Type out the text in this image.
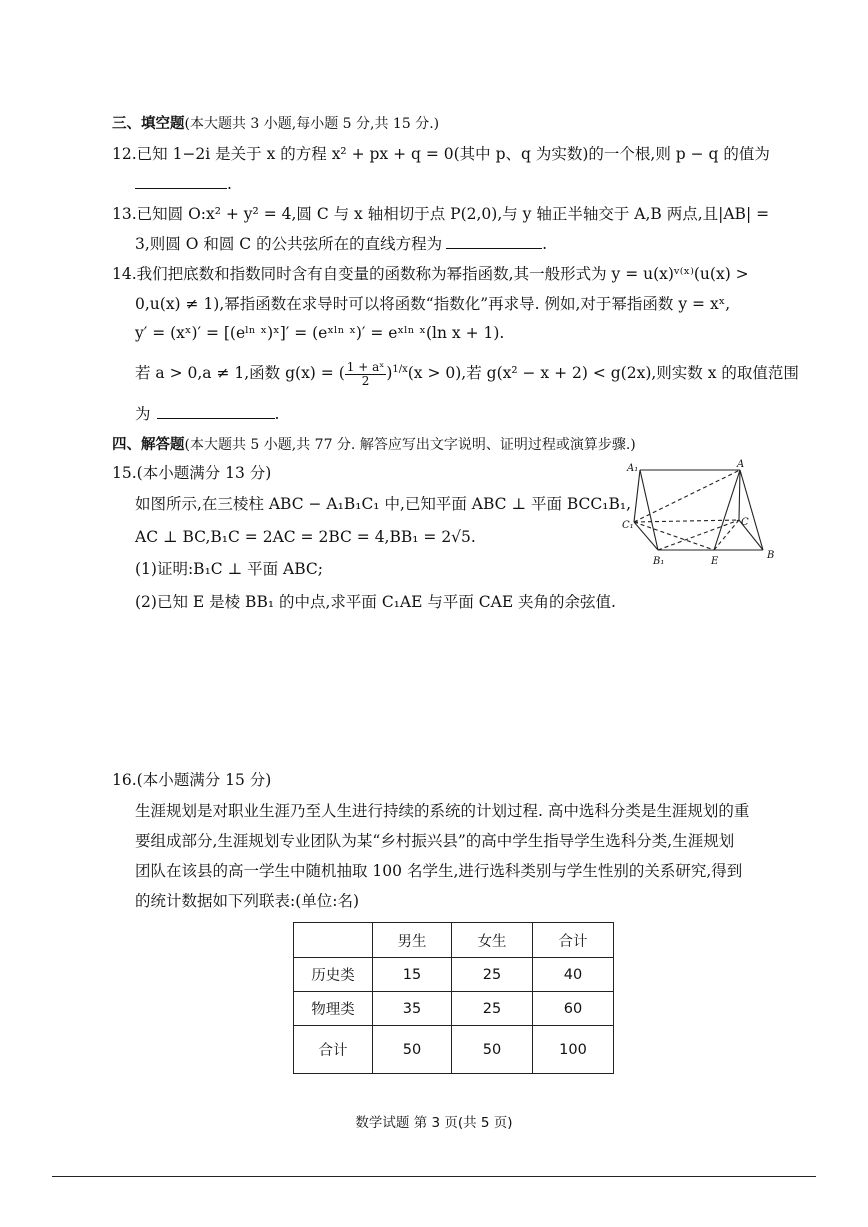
三、填空题(本大题共 3 小题,每小题 5 分,共 15 分.)
12.已知 1−2i 是关于 x 的方程 x² + px + q = 0(其中 p、q 为实数)的一个根,则 p − q 的值为
.
13.已知圆 O:x² + y² = 4,圆 C 与 x 轴相切于点 P(2,0),与 y 轴正半轴交于 A,B 两点,且|AB| =
3,则圆 O 和圆 C 的公共弦所在的直线方程为	.
14.我们把底数和指数同时含有自变量的函数称为幂指函数,其一般形式为 y = u(x)ᵛ⁽ˣ⁾(u(x) >
0,u(x) ≠ 1),幂指函数在求导时可以将函数“指数化”再求导. 例如,对于幂指函数 y = xˣ,
y′ = (xˣ)′ = [(eˡⁿ ˣ)ˣ]′ = (eˣˡⁿ ˣ)′ = eˣˡⁿ ˣ(ln x + 1).
若 a > 0,a ≠ 1,函数 g(x) = ( $\frac{\text{1 + aˣ}}{2} )^{1/x}(x > 0)$,若 g(x² − x + 2) < g(2x),则实数 x 的取值范围
为	.
四、解答题(本大题共 5 小题,共 77 分. 解答应写出文字说明、证明过程或演算步骤.)
15.(本小题满分 13 分)
如图所示,在三棱柱 ABC − A₁B₁C₁ 中,已知平面 ABC ⊥ 平面 BCC₁B₁,
AC ⊥ BC,B₁C = 2AC = 2BC = 4,BB₁ = 2√5.
(1)证明:B₁C ⊥ 平面 ABC;
(2)已知 E 是棱 BB₁ 的中点,求平面 C₁AE 与平面 CAE 夹角的余弦值.
A₁	A
C₁	C
B₁	E
B
16.(本小题满分 15 分)
生涯规划是对职业生涯乃至人生进行持续的系统的计划过程. 高中选科分类是生涯规划的重
要组成部分,生涯规划专业团队为某“乡村振兴县”的高中学生指导学生选科分类,生涯规划
团队在该县的高一学生中随机抽取 100 名学生,进行选科类别与学生性别的关系研究,得到
的统计数据如下列联表:(单位:名)
	男生	女生	合计
历史类	15	25	40
物理类	35	25	60
合计	50	50	100
数学试题 第 3 页(共 5 页)
